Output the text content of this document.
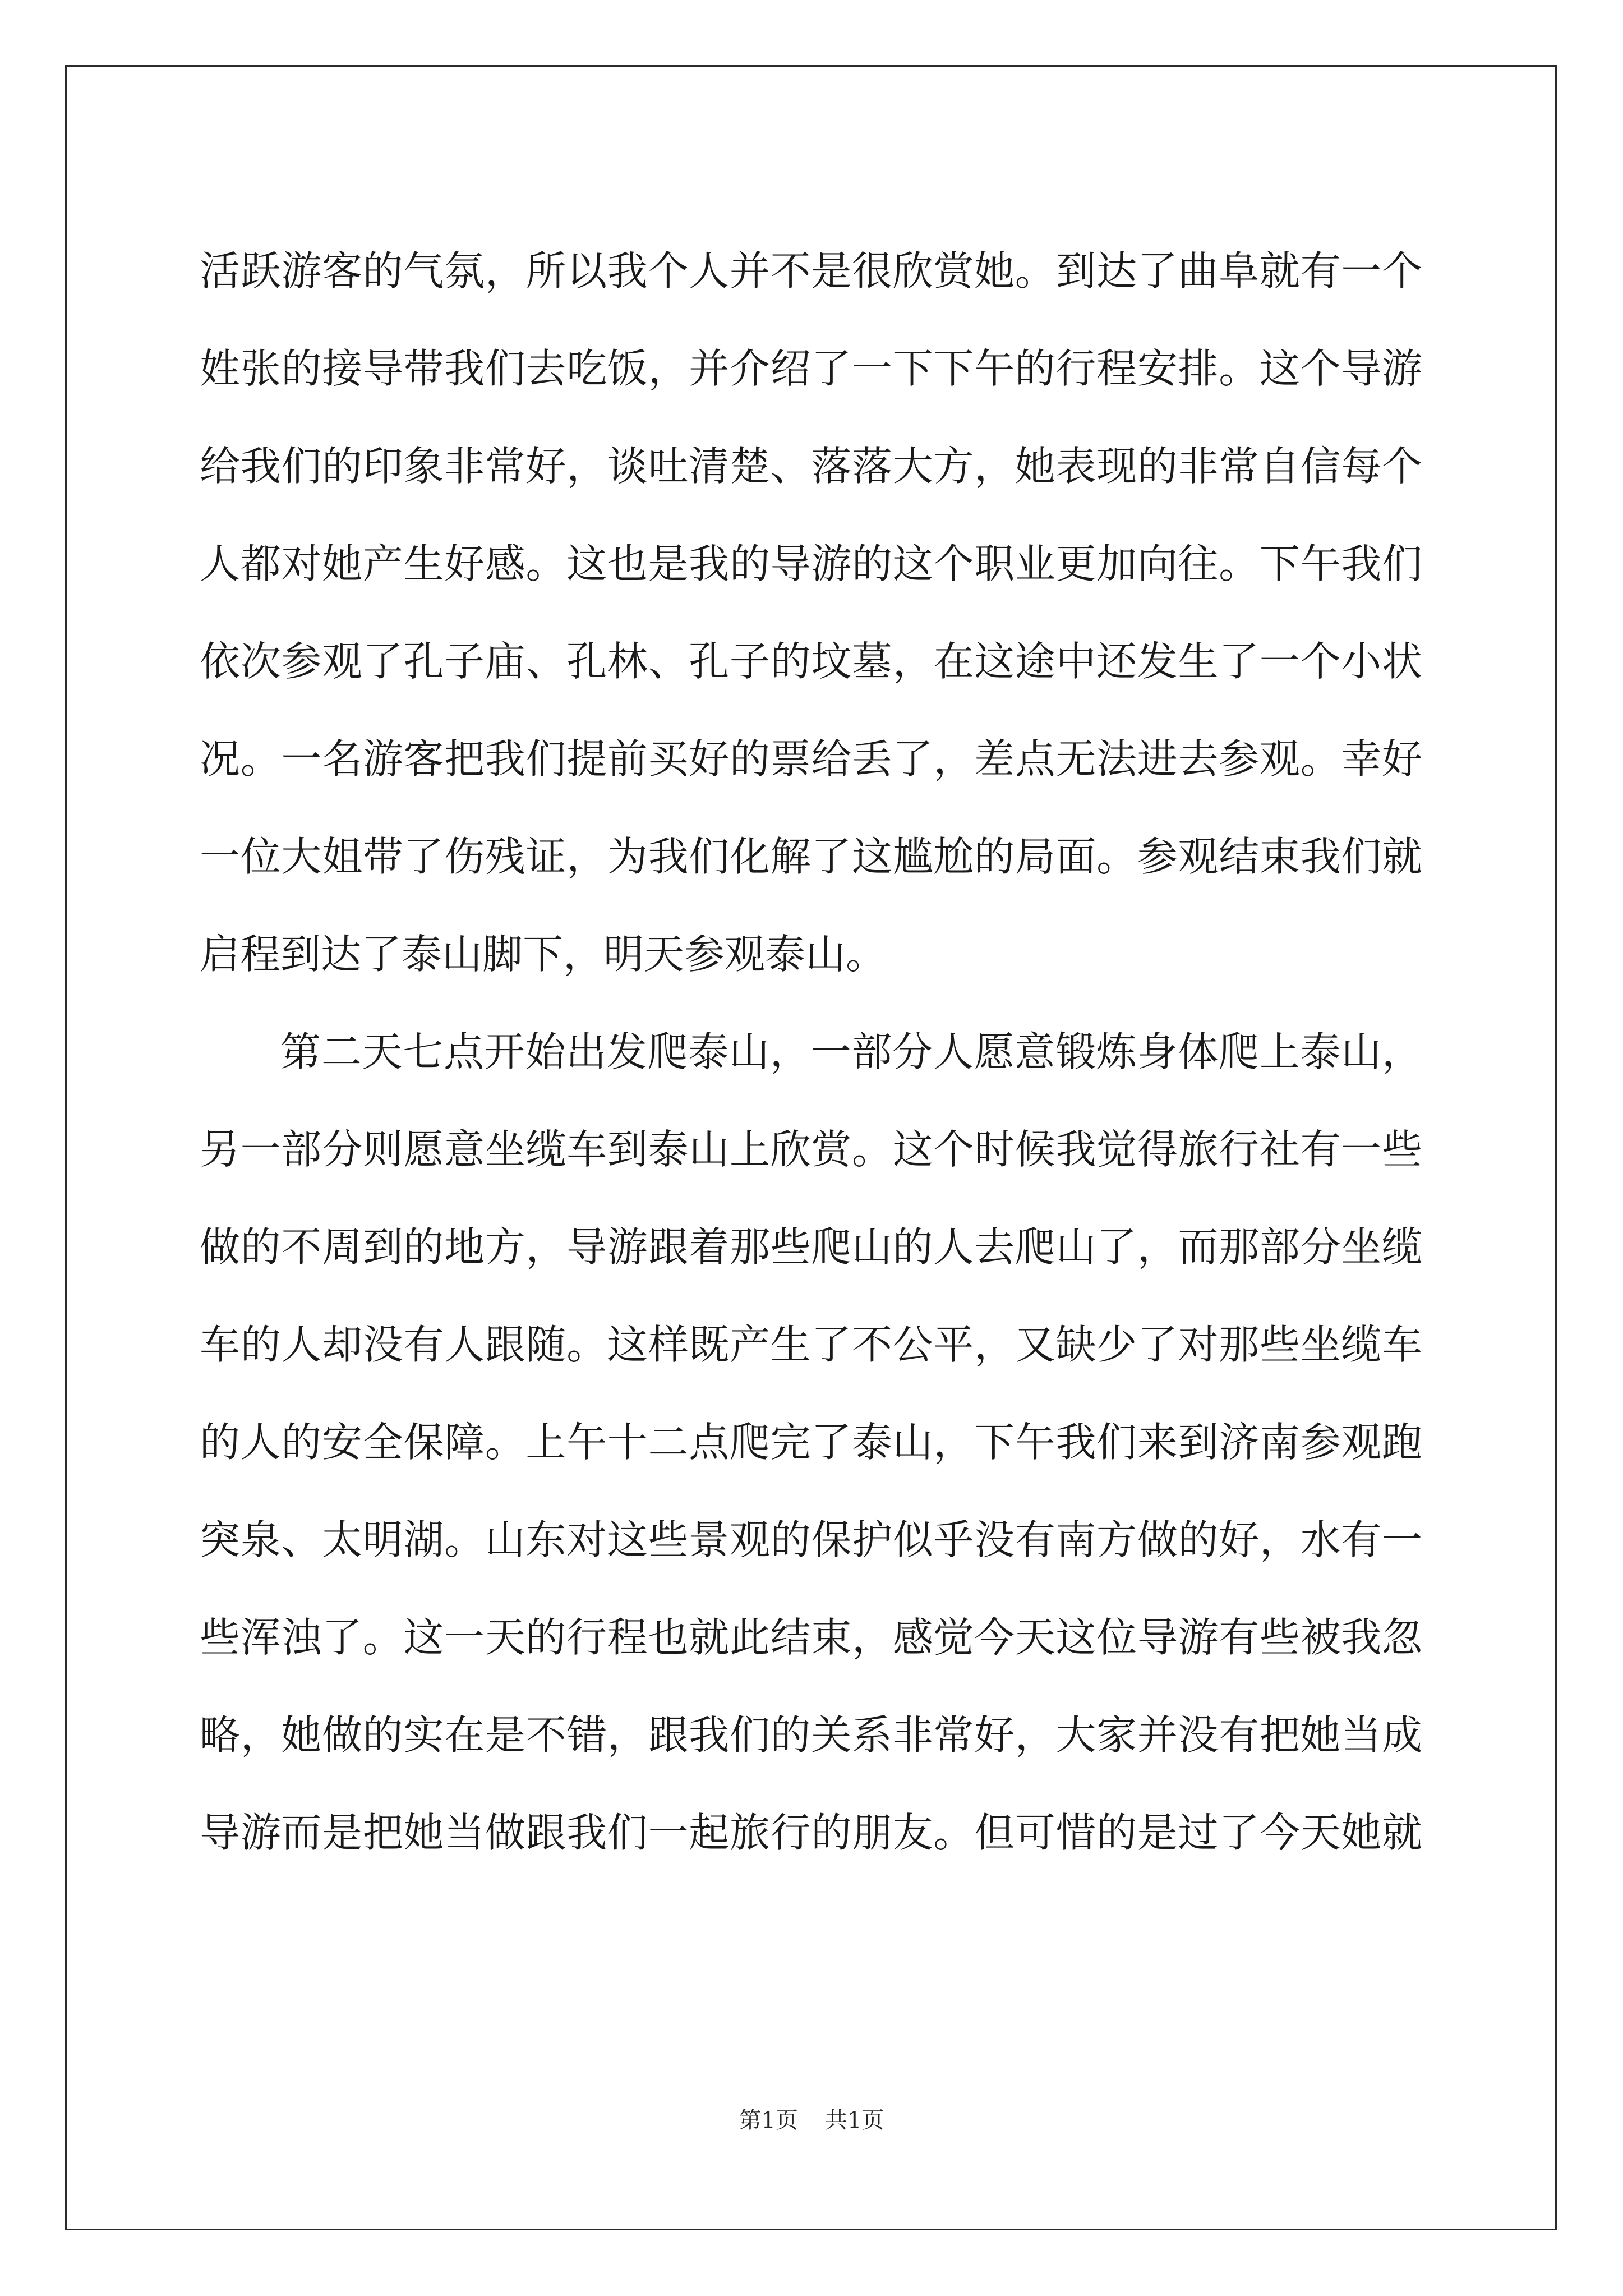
活跃游客的气氛，所以我个人并不是很欣赏她。到达了曲阜就有一个
姓张的接导带我们去吃饭，并介绍了一下下午的行程安排。这个导游
给我们的印象非常好，谈吐清楚、落落大方，她表现的非常自信每个
人都对她产生好感。这也是我的导游的这个职业更加向往。下午我们
依次参观了孔子庙、孔林、孔子的坟墓，在这途中还发生了一个小状
况。一名游客把我们提前买好的票给丢了，差点无法进去参观。幸好
一位大姐带了伤残证，为我们化解了这尴尬的局面。参观结束我们就
启程到达了泰山脚下，明天参观泰山。
第二天七点开始出发爬泰山，一部分人愿意锻炼身体爬上泰山，
另一部分则愿意坐缆车到泰山上欣赏。这个时候我觉得旅行社有一些
做的不周到的地方，导游跟着那些爬山的人去爬山了，而那部分坐缆
车的人却没有人跟随。这样既产生了不公平，又缺少了对那些坐缆车
的人的安全保障。上午十二点爬完了泰山，下午我们来到济南参观跑
突泉、太明湖。山东对这些景观的保护似乎没有南方做的好，水有一
些浑浊了。这一天的行程也就此结束，感觉今天这位导游有些被我忽
略，她做的实在是不错，跟我们的关系非常好，大家并没有把她当成
导游而是把她当做跟我们一起旅行的朋友。但可惜的是过了今天她就
第1页 共1页
